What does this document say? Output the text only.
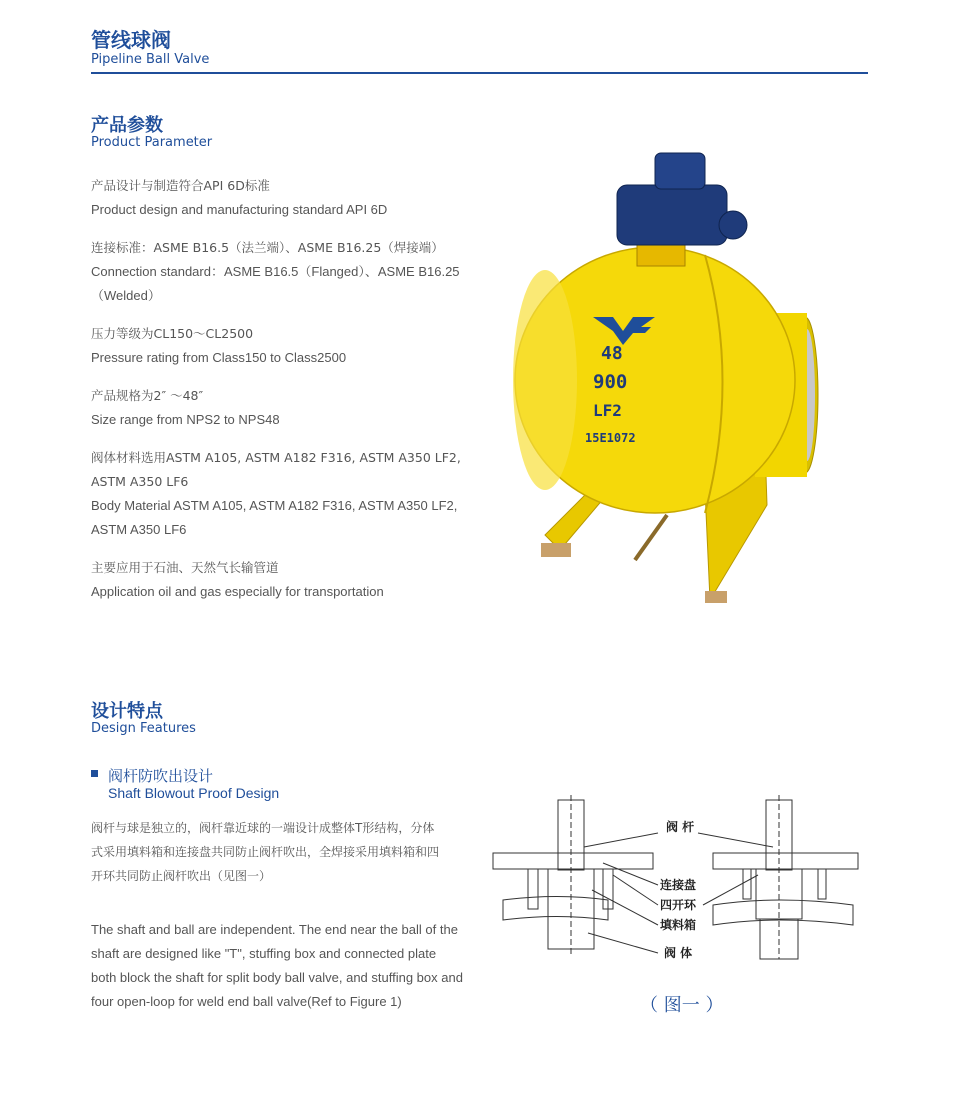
管线球阀
Pipeline Ball Valve
产品参数
Product Parameter
产品设计与制造符合API 6D标准
Product design and manufacturing standard API 6D
连接标准：ASME B16.5（法兰端）、ASME B16.25（焊接端）
Connection standard：ASME B16.5（Flanged）、ASME B16.25
（Welded）
压力等级为CL150～CL2500
Pressure rating from Class150 to Class2500
产品规格为2″ ～48″
Size range from NPS2 to NPS48
阀体材料选用ASTM A105, ASTM A182 F316, ASTM A350 LF2,
ASTM A350 LF6
Body Material ASTM A105, ASTM A182 F316, ASTM A350 LF2,
ASTM A350 LF6
主要应用于石油、天然气长输管道
Application oil and gas especially for transportation
48
900
LF2
15E1072
设计特点
Design Features
阀杆防吹出设计
Shaft Blowout Proof Design
阀杆与球是独立的，阀杆靠近球的一端设计成整体T形结构，分体
式采用填料箱和连接盘共同防止阀杆吹出，全焊接采用填料箱和四
开环共同防止阀杆吹出（见图一）
The shaft and ball are independent. The end near the ball of the
shaft are designed like "T", stuffing box and connected plate
both block the shaft for split body ball valve, and stuffing box and
four open-loop for weld end ball valve(Ref to Figure 1)
阀 杆
连接盘
四开环
填料箱
阀 体
（ 图一 ）
